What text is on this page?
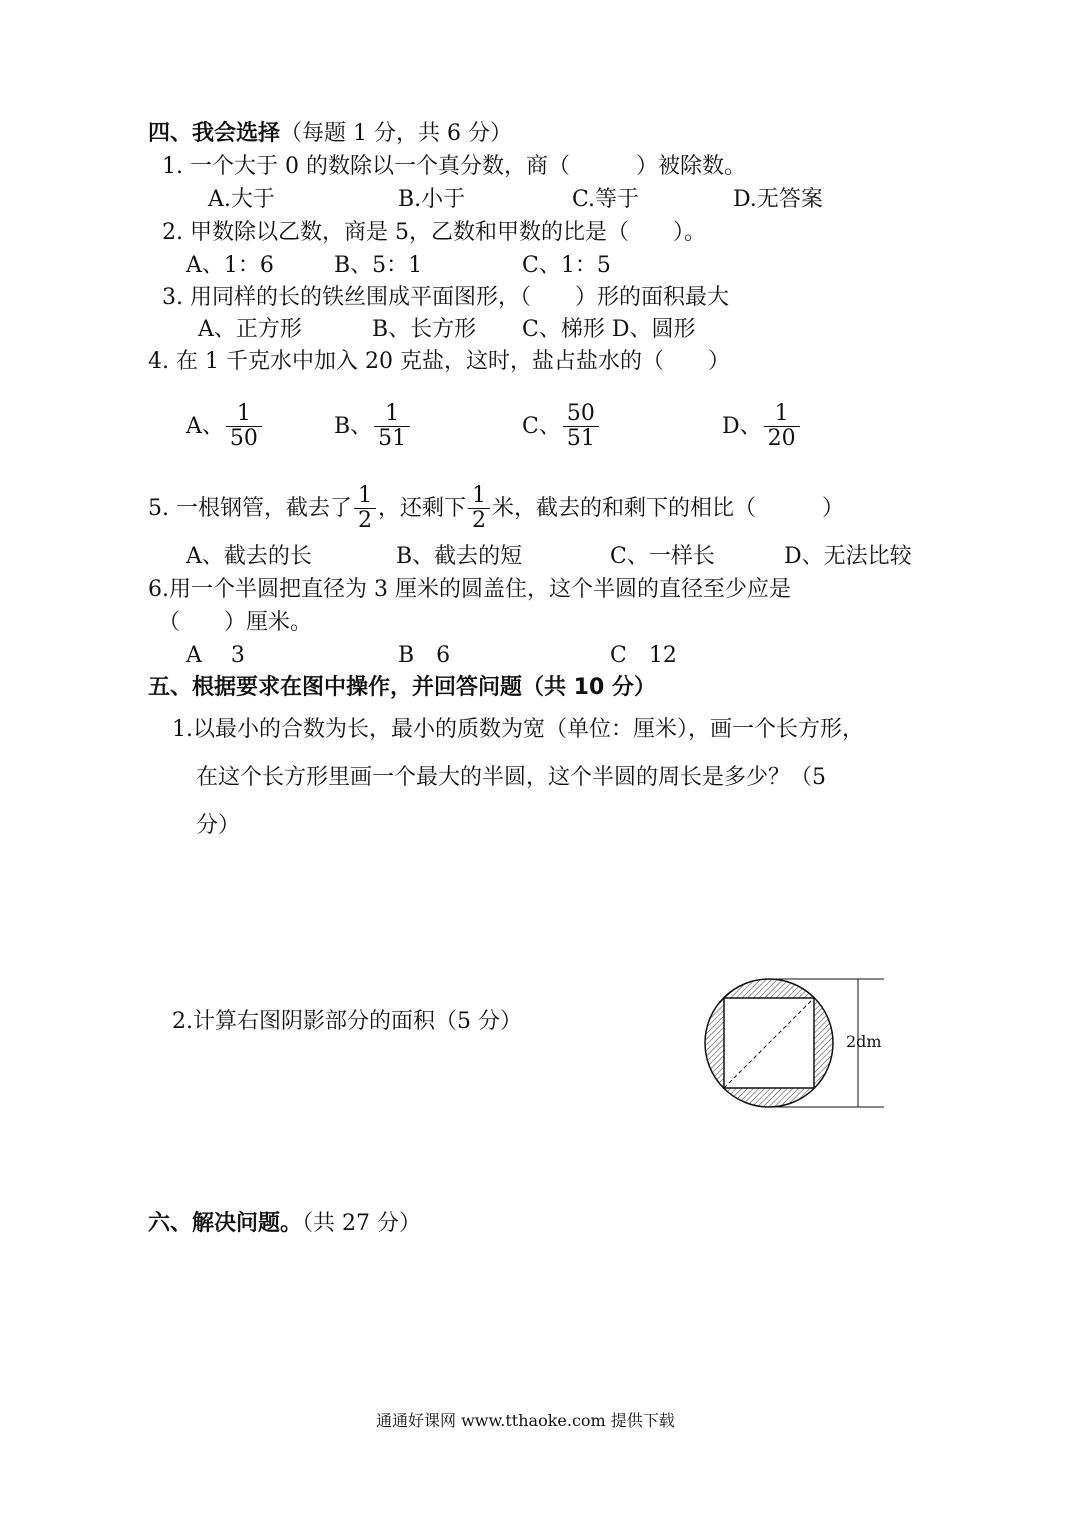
四、我会选择（每题 1 分，共 6 分）
1. 一个大于 0 的数除以一个真分数，商（　　　）被除数。
A.大于	B.小于	C.等于	D.无答案
2. 甲数除以乙数，商是 5，乙数和甲数的比是（　　）。
A、1：6	B、5：1	C、1：5
3. 用同样的长的铁丝围成平面图形，（　　）形的面积最大
A、正方形	B、长方形 C、梯形 D、圆形
4. 在 1 千克水中加入 20 克盐，这时，盐占盐水的（　　）
A、 $\frac{1}{50}$	B、 $\frac{1}{51}$	C、 $\frac{50}{51}$	D、 $\frac{1}{20}$
5. 一根钢管，截去了 $\frac{1}{2}$ ，还剩下 $\frac{1}{2}$ 米，截去的和剩下的相比（　　　）
A、截去的长	B、截去的短	C、一样长	D、无法比较
6.用一个半圆把直径为 3 厘米的圆盖住，这个半圆的直径至少应是
（　　）厘米。
A　 3	B　6	C　12
五、根据要求在图中操作，并回答问题（共 10 分）
1.以最小的合数为长，最小的质数为宽（单位：厘米），画一个长方形，
在这个长方形里画一个最大的半圆，这个半圆的周长是多少？（5
分）
2.计算右图阴影部分的面积（5 分）
2dm
六、解决问题。（共 27 分）
通通好课网 www.tthaoke.com 提供下载
